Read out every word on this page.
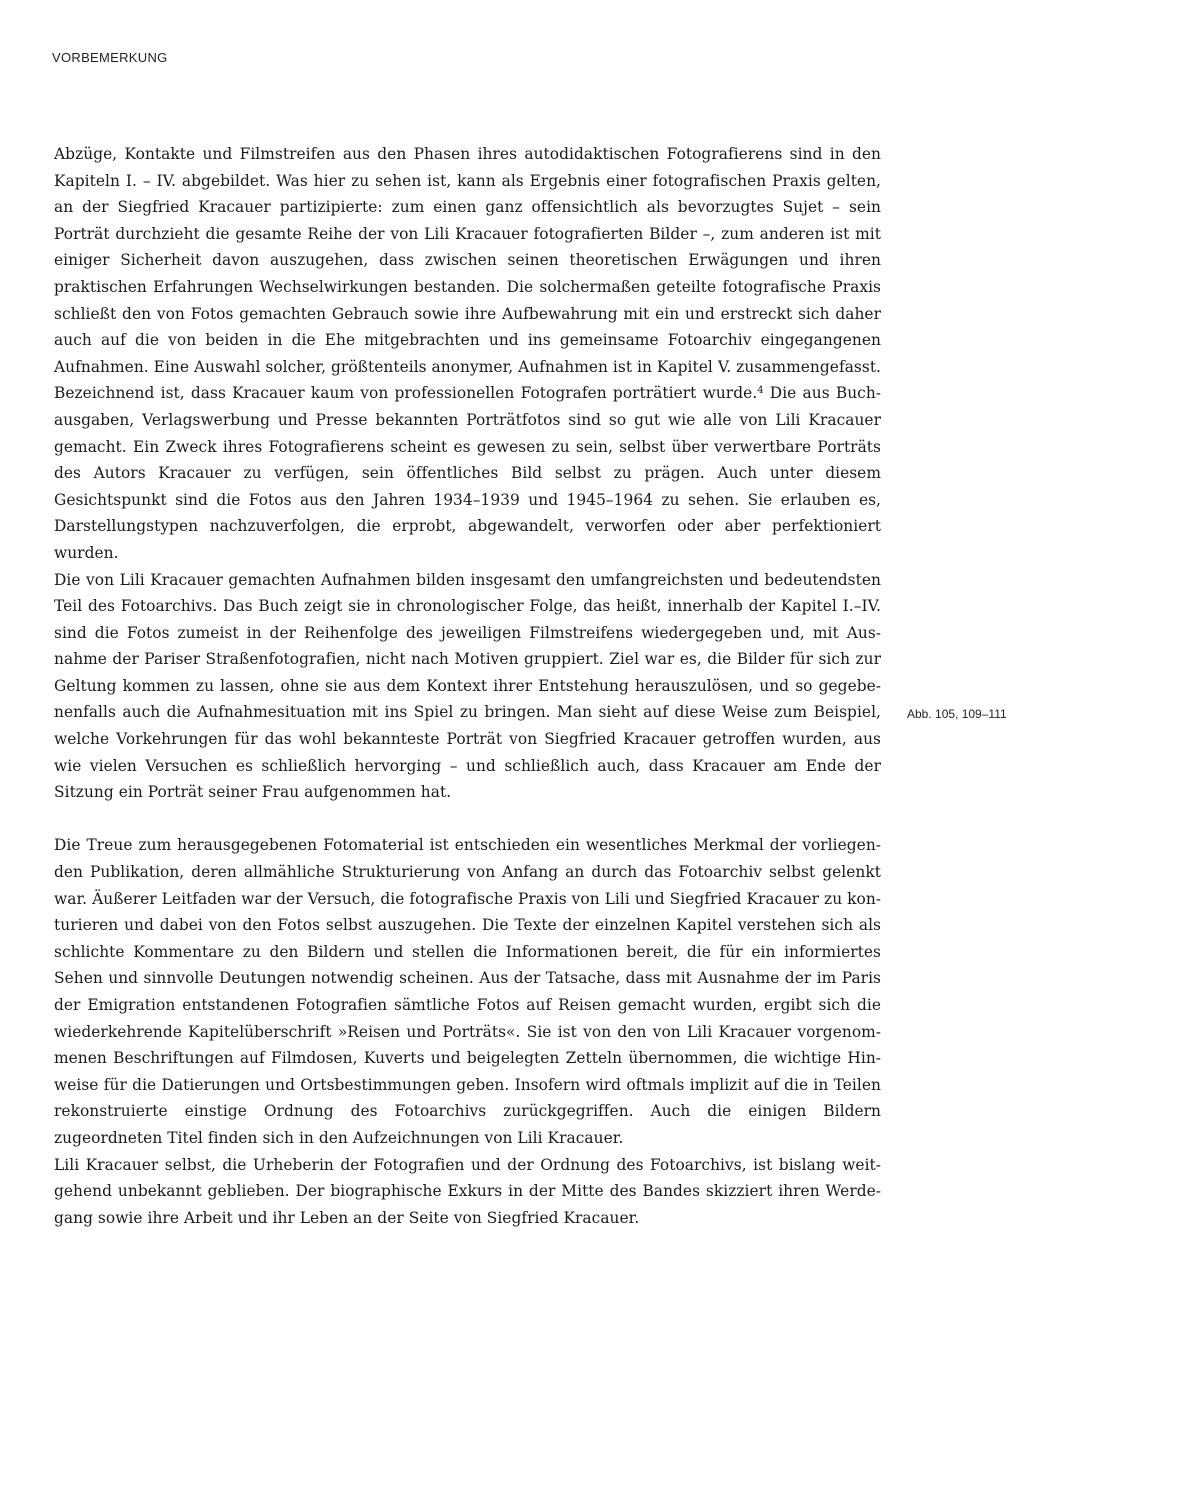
VORBEMERKUNG

Abzüge, Kontakte und Filmstreifen aus den Phasen ihres autodidaktischen Fotografierens sind in den Kapiteln I. – IV. abgebildet. Was hier zu sehen ist, kann als Ergebnis einer fotografischen Praxis gelten, an der Siegfried Kracauer partizipierte: zum einen ganz offensichtlich als bevorzugtes Sujet – sein Porträt durchzieht die gesamte Reihe der von Lili Kracauer fotografierten Bilder –, zum anderen ist mit einiger Sicherheit davon auszugehen, dass zwischen seinen theoretischen Erwägungen und ihren praktischen Erfahrungen Wechselwirkungen bestanden. Die solchermaßen geteilte fotografische Praxis schließt den von Fotos gemachten Gebrauch sowie ihre Aufbewahrung mit ein und erstreckt sich daher auch auf die von beiden in die Ehe mitgebrachten und ins gemeinsame Fotoarchiv eingegangenen Aufnahmen. Eine Auswahl solcher, größtenteils anonymer, Aufnahmen ist in Kapitel V. zusammengefasst.

Bezeichnend ist, dass Kracauer kaum von professionellen Fotografen porträtiert wurde.$^4$ Die aus Buchausgaben, Verlagswerbung und Presse bekannten Porträtfotos sind so gut wie alle von Lili Kracauer gemacht. Ein Zweck ihres Fotografierens scheint es gewesen zu sein, selbst über verwertbare Porträts des Autors Kracauer zu verfügen, sein öffentliches Bild selbst zu prägen. Auch unter diesem Gesichtspunkt sind die Fotos aus den Jahren 1934–1939 und 1945–1964 zu sehen. Sie erlauben es, Darstellungstypen nachzuverfolgen, die erprobt, abgewandelt, verworfen oder aber perfektioniert wurden.

Die von Lili Kracauer gemachten Aufnahmen bilden insgesamt den umfangreichsten und bedeutendsten Teil des Fotoarchivs. Das Buch zeigt sie in chronologischer Folge, das heißt, innerhalb der Kapitel I.–IV. sind die Fotos zumeist in der Reihenfolge des jeweiligen Filmstreifens wiedergegeben und, mit Ausnahme der Pariser Straßenfotografien, nicht nach Motiven gruppiert. Ziel war es, die Bilder für sich zur Geltung kommen zu lassen, ohne sie aus dem Kontext ihrer Entstehung herauszulösen, und so gegebenenfalls auch die Aufnahmesituation mit ins Spiel zu bringen. Man sieht auf diese Weise zum Beispiel, welche Vorkehrungen für das wohl bekannteste Porträt von Siegfried Kracauer getroffen wurden, aus wie vielen Versuchen es schließlich hervorging – und schließlich auch, dass Kracauer am Ende der Sitzung ein Porträt seiner Frau aufgenommen hat.

Die Treue zum herausgegebenen Fotomaterial ist entschieden ein wesentliches Merkmal der vorliegenden Publikation, deren allmähliche Strukturierung von Anfang an durch das Fotoarchiv selbst gelenkt war. Äußerer Leitfaden war der Versuch, die fotografische Praxis von Lili und Siegfried Kracauer zu konturieren und dabei von den Fotos selbst auszugehen. Die Texte der einzelnen Kapitel verstehen sich als schlichte Kommentare zu den Bildern und stellen die Informationen bereit, die für ein informiertes Sehen und sinnvolle Deutungen notwendig scheinen. Aus der Tatsache, dass mit Ausnahme der im Paris der Emigration entstandenen Fotografien sämtliche Fotos auf Reisen gemacht wurden, ergibt sich die wiederkehrende Kapitelüberschrift »Reisen und Porträts«. Sie ist von den von Lili Kracauer vorgenommenen Beschriftungen auf Filmdosen, Kuverts und beigelegten Zetteln übernommen, die wichtige Hinweise für die Datierungen und Ortsbestimmungen geben. Insofern wird oftmals implizit auf die in Teilen rekonstruierte einstige Ordnung des Fotoarchivs zurückgegriffen. Auch die einigen Bildern zugeordneten Titel finden sich in den Aufzeichnungen von Lili Kracauer.

Lili Kracauer selbst, die Urheberin der Fotografien und der Ordnung des Fotoarchivs, ist bislang weitgehend unbekannt geblieben. Der biographische Exkurs in der Mitte des Bandes skizziert ihren Werdegang sowie ihre Arbeit und ihr Leben an der Seite von Siegfried Kracauer.

Abb. 105, 109–111
